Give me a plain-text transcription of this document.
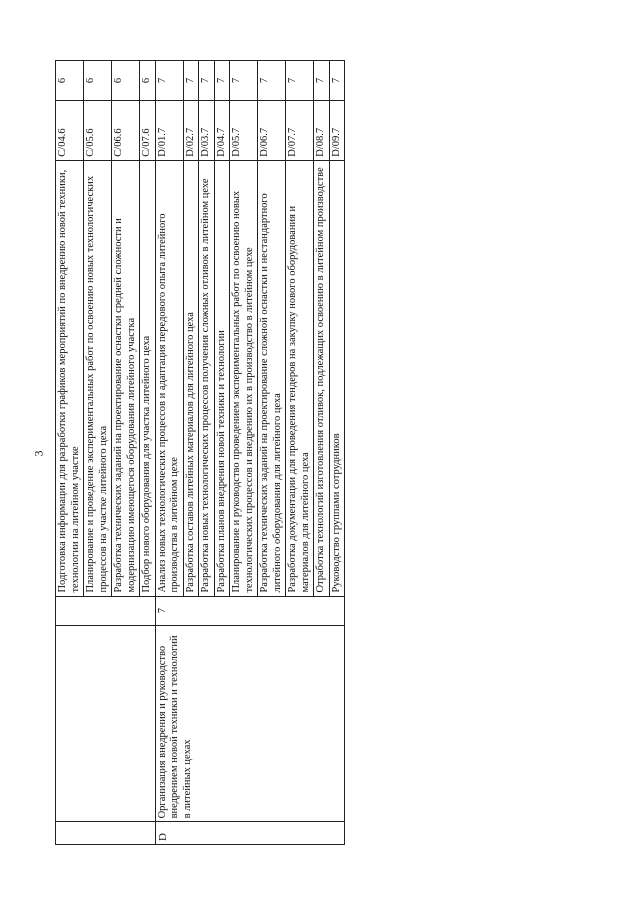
3
			Подготовка информации для разработки графиков мероприятий по внедрению новой техники, технологии на литейном участке	C/04.6	6
			Планирование и проведение экспериментальных работ по освоению новых технологических процессов на участке литейного цеха	C/05.6	6
			Разработка технических заданий на проектирование оснастки средней сложности и модернизацию имеющегося оборудования литейного участка	C/06.6	6
			Подбор нового оборудования для участка литейного цеха	C/07.6	6
D	Организация внедрения и руководство внедрением новой техники и технологий в литейных цехах	7	Анализ новых технологических процессов и адаптация передового опыта литейного производства в литейном цехе	D/01.7	7
			Разработка составов литейных материалов для литейного цеха	D/02.7	7
			Разработка новых технологических процессов получения сложных отливок в литейном цехе	D/03.7	7
			Разработка планов внедрения новой техники и технологии	D/04.7	7
			Планирование и руководство проведением экспериментальных работ по освоению новых технологических процессов и внедрению их в производство в литейном цехе	D/05.7	7
			Разработка технических заданий на проектирование сложной оснастки и нестандартного литейного оборудования для литейного цеха	D/06.7	7
			Разработка документации для проведения тендеров на закупку нового оборудования и материалов для литейного цеха	D/07.7	7
			Отработка технологий изготовления отливок, подлежащих освоению в литейном производстве	D/08.7	7
			Руководство группами сотрудников	D/09.7	7
